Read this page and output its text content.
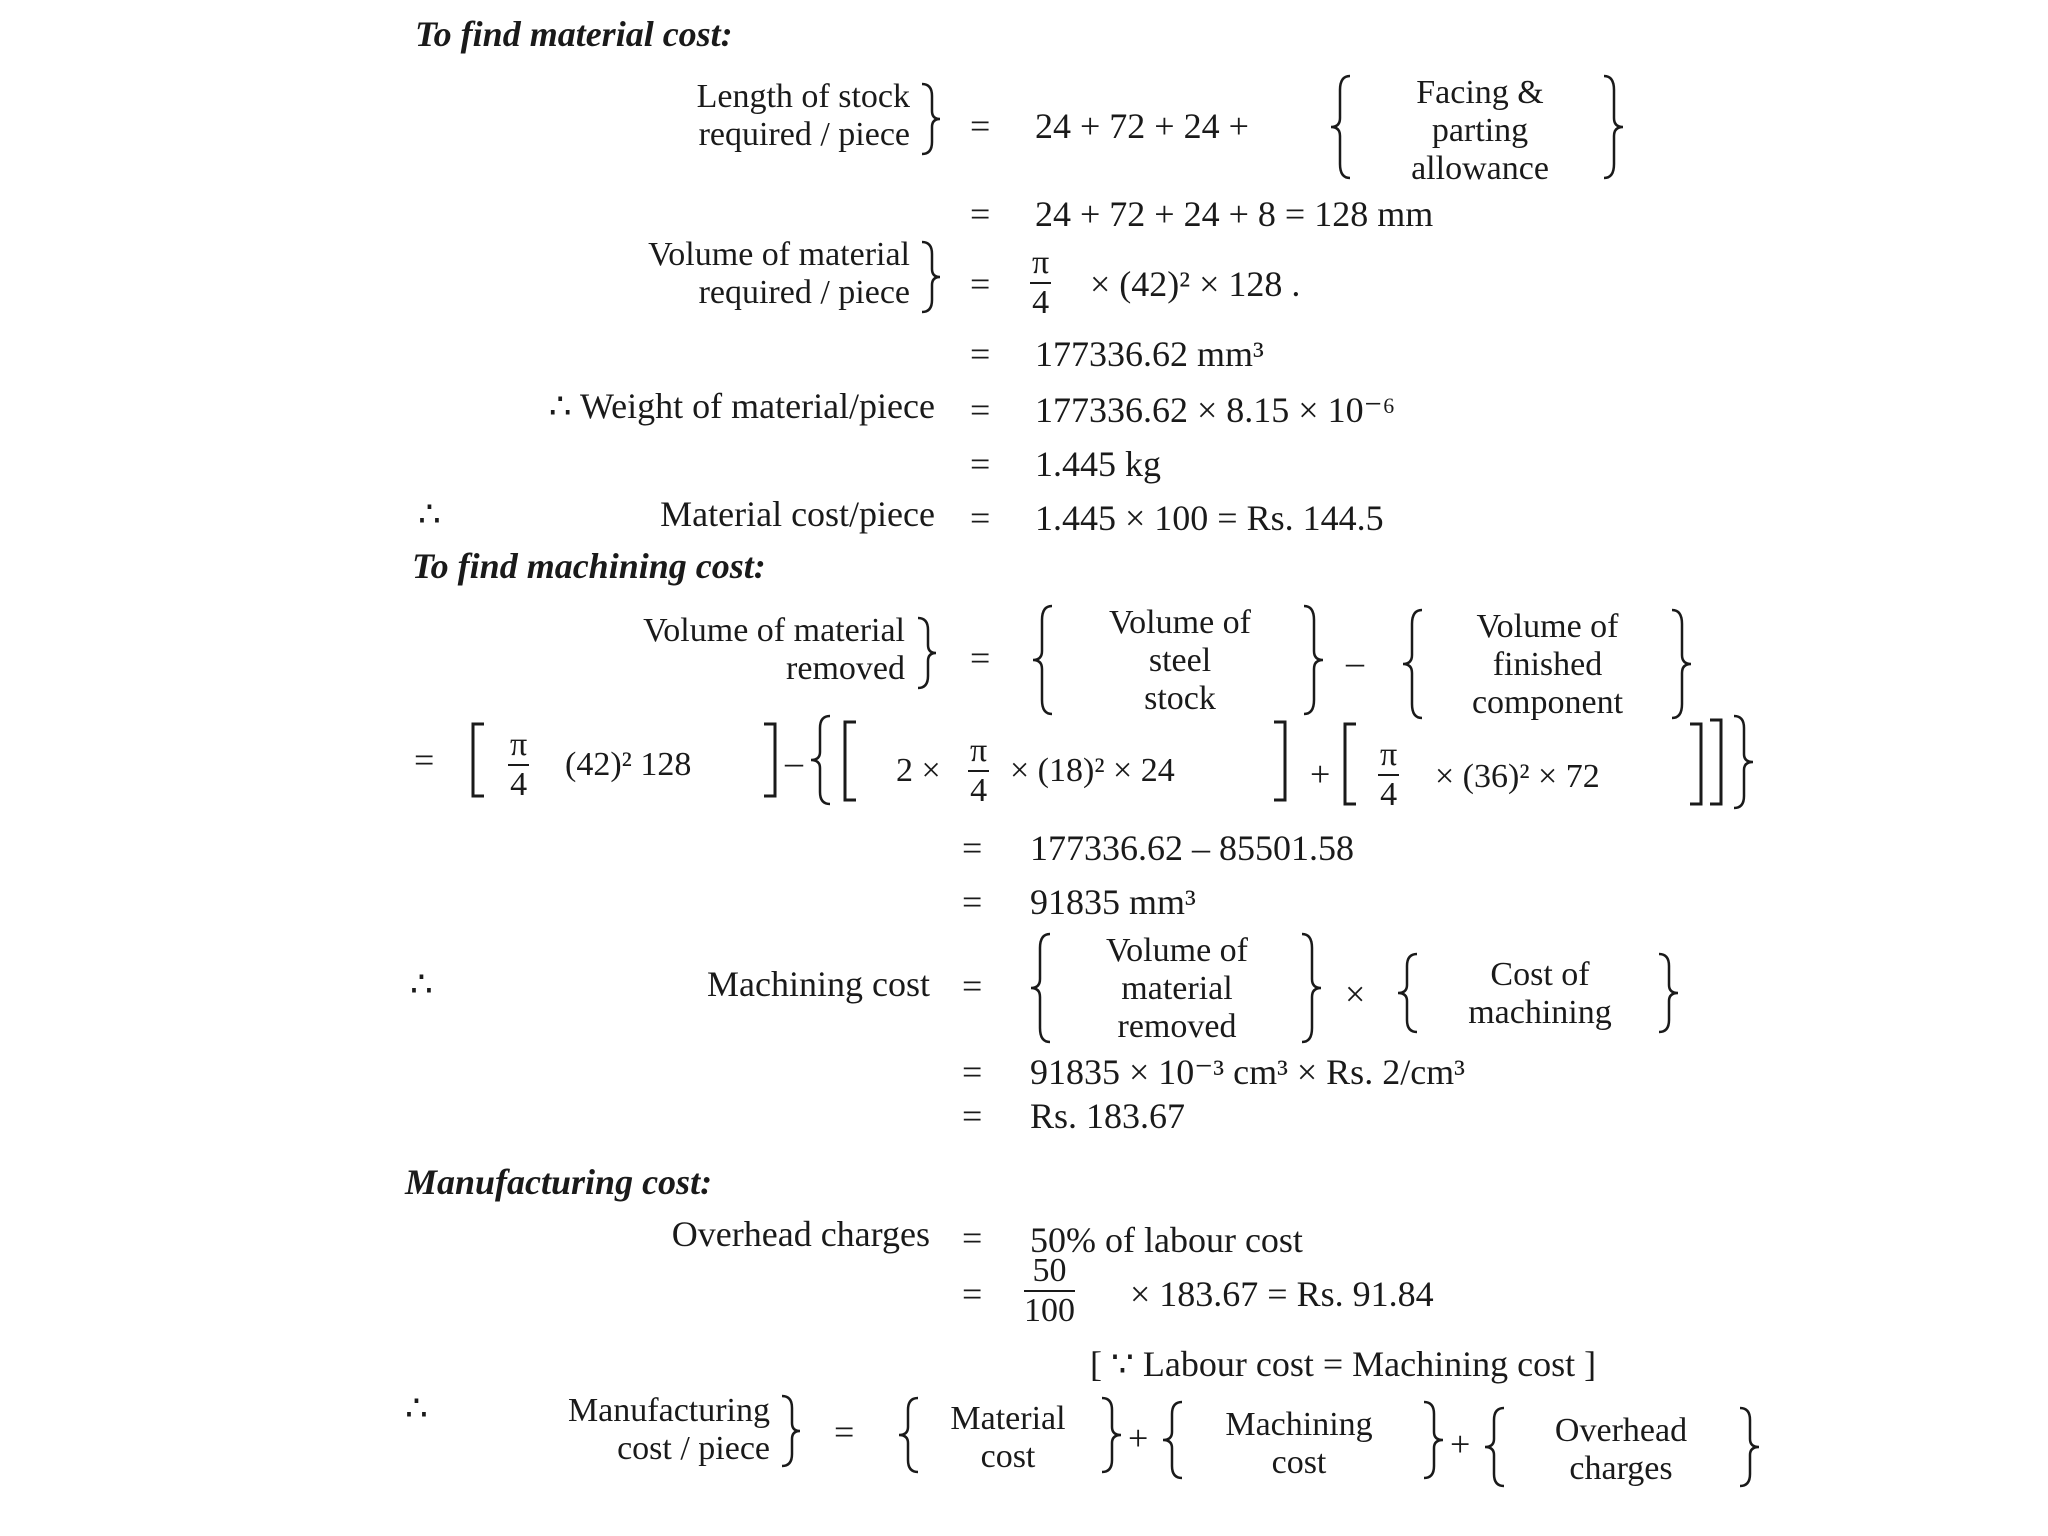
To find material cost:
Length of stock
required / piece = 24 + 72 + 24 +
Facing &
parting
allowance
= 24 + 72 + 24 + 8 = 128 mm
Volume of material
required / piece = $\frac{\pi}{4} \times (42)^2 \times 128$ .
= 177336.62 mm³
∴ Weight of material/piece = 177336.62 × 8.15 × 10⁻⁶
= 1.445 kg
∴	Material cost/piece = 1.445 × 100 = Rs. 144.5
To find machining cost:
Volume of material
removed =
Volume of
steel
stock
–
Volume of
finished
component
= $\frac{\pi}{4} (42)^2$ 128	–	$2 \times \frac{\pi}{4} \times (18)^2 \times 24$	+ $\frac{\pi}{4} \times (36)^2 \times 72$
= 177336.62 – 85501.58
= 91835 mm³
∴	Machining cost =
Volume of
material
removed
×	Cost of
machining
= 91835 × 10⁻³ cm³ × Rs. 2/cm³
= Rs. 183.67
Manufacturing cost:
Overhead charges = 50% of labour cost
= $\frac{50}{100} \times 183.67 = Rs$. 91.84
[ ∵ Labour cost = Machining cost ]
∴	Manufacturing
cost / piece =	Material
cost	+	Machining
cost	+	Overhead
charges
